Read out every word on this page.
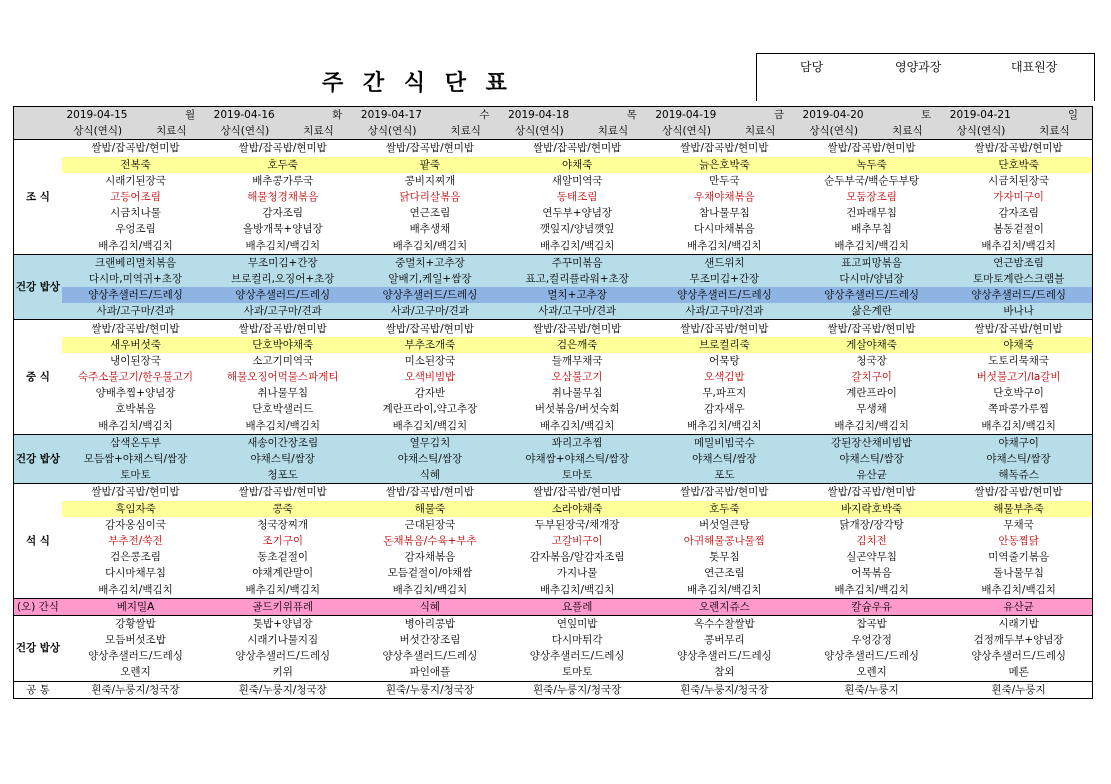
주 간 식 단 표
담당	영양과장	대표원장
	2019-04-15	월	2019-04-16	화	2019-04-17	수	2019-04-18	목	2019-04-19	금	2019-04-20	토	2019-04-21	일
	상식(연식)	치료식	상식(연식)	치료식	상식(연식)	치료식	상식(연식)	치료식	상식(연식)	치료식	상식(연식)	치료식	상식(연식)	치료식
조 식	쌀밥/잡곡밥/현미밥		쌀밥/잡곡밥/현미밥		쌀밥/잡곡밥/현미밥		쌀밥/잡곡밥/현미밥		쌀밥/잡곡밥/현미밥		쌀밥/잡곡밥/현미밥		쌀밥/잡곡밥/현미밥	
	전복죽		호두죽		팥죽		야채죽		늙은호박죽		녹두죽		단호박죽	
	시래기된장국		배추콩가루국		콩비지찌개		새알미역국		만두국		순두부국/백순두부탕		시금치된장국	
	고등어조림		해물청경채볶음		닭다리살볶음		동태조림		우채야채볶음		모둠장조림		가자미구이	
	시금치나물		감자조림		연근조림		연두부+양념장		참나물무침		건파래무침		감자조림	
	우엉조림		올방개묵+양념장		배추생채		깻잎지/양념깻잎		다시마채볶음		배추무침		봄동겉절이	
	배추김치/백김치		배추김치/백김치		배추김치/백김치		배추김치/백김치		배추김치/백김치		배추김치/백김치		배추김치/백김치	
건강 밥상	크랜베리멸치볶음		무조미김+간장		중멸치+고추장		주꾸미볶음		샌드위치		표고피망볶음		연근밤조림	
	다시마,미역귀+초장		브로컬리,오징어+초장		알배기,케일+쌈장		표고,컬리플라워+초장		무조미김+간장		다시마/양념장		토마토계란스크램블	
	양상추샐러드/드레싱		양상추샐러드/드레싱		양상추샐러드/드레싱		멸치+고추장		양상추샐러드/드레싱		양상추샐러드/드레싱		양상추샐러드/드레싱	
	사과/고구마/견과		사과/고구마/견과		사과/고구마/견과		사과/고구마/견과		사과/고구마/견과		삶은계란		바나나	
중 식	쌀밥/잡곡밥/현미밥		쌀밥/잡곡밥/현미밥		쌀밥/잡곡밥/현미밥		쌀밥/잡곡밥/현미밥		쌀밥/잡곡밥/현미밥		쌀밥/잡곡밥/현미밥		쌀밥/잡곡밥/현미밥	
	새우버섯죽		단호박야채죽		부추조개죽		검은깨죽		브로컬리죽		게살야채죽		야채죽	
	냉이된장국		소고기미역국		미소된장국		들깨무채국		어묵탕		청국장		도토리묵채국	
	숙주소불고기/한우불고기		해물오징어먹물스파게티		오색비빔밥		오삼불고기		오색김밥		갈치구이		버섯불고기/la갈비	
	양배추찜+양념장		취나물무침		감자반		취나물무침		무,파프지		계란프라이		단호박구이	
	호박볶음		단호박샐러드		계란프라이,약고추장		버섯볶음/버섯숙회		감자새우		무생채		쪽파콩가루찜	
	배추김치/백김치		배추김치/백김치		배추김치/백김치		배추김치/백김치		배추김치/백김치		배추김치/백김치		배추김치/백김치	
건강 밥상	삼색온두부		새송이간장조림		열무김치		꽈리고추찜		메밀비빔국수		강된장산채비빔밥		야채구이	
	모듬쌈+야채스틱/쌈장		야채스틱/쌈장		야채스틱/쌈장		야채쌈+야채스틱/쌈장		야채스틱/쌈장		야채스틱/쌈장		야채스틱/쌈장	
	토마토		청포도		식혜		토마토		포도		유산균		해독쥬스	
석 식	쌀밥/잡곡밥/현미밥		쌀밥/잡곡밥/현미밥		쌀밥/잡곡밥/현미밥		쌀밥/잡곡밥/현미밥		쌀밥/잡곡밥/현미밥		쌀밥/잡곡밥/현미밥		쌀밥/잡곡밥/현미밥	
	흑임자죽		콩죽		해물죽		소라야채죽		호두죽		바지락호박죽		해물부추죽	
	감자옹심이국		청국장찌개		근대된장국		두부된장국/채개장		버섯얼큰탕		닭개장/장각탕		무채국	
	부추전/쑥전		조기구이		돈채볶음/수육+부추		고갈비구이		아귀해물콩나물찜		김치전		안동찜닭	
	검은콩조림		동초겉절이		감자채볶음		감자볶음/알감자조림		톳무침		실곤약무침		미역줄기볶음	
	다시마채무침		야채계란말이		모듬겉절이/야채쌈		가지나물		연근조림		어묵볶음		돌나물무침	
	배추김치/백김치		배추김치/백김치		배추김치/백김치		배추김치/백김치		배추김치/백김치		배추김치/백김치		배추김치/백김치	
(오) 간식	베지밀A		골드키위퓨레		식혜		요플레		오렌지쥬스		칼슘우유		유산균	
건강 밥상	강황쌀밥		톳밥+양념장		병아리콩밥		연잎미밥		옥수수찰쌀밥		찹곡밥		시래기밥	
	모듬버섯조밥		시래기나물지짐		버섯간장조림		다시마튀각		콩버무리		우엉강정		검정깨두부+양념장	
	양상추샐러드/드레싱		양상추샐러드/드레싱		양상추샐러드/드레싱		양상추샐러드/드레싱		양상추샐러드/드레싱		양상추샐러드/드레싱		양상추샐러드/드레싱	
	오렌지		키위		파인애플		토마토		참외		오렌지		메론	
공 통	흰죽/누룽지/청국장		흰죽/누룽지/청국장		흰죽/누룽지/청국장		흰죽/누룽지/청국장		흰죽/누룽지/청국장		흰죽/누룽지		흰죽/누룽지	
